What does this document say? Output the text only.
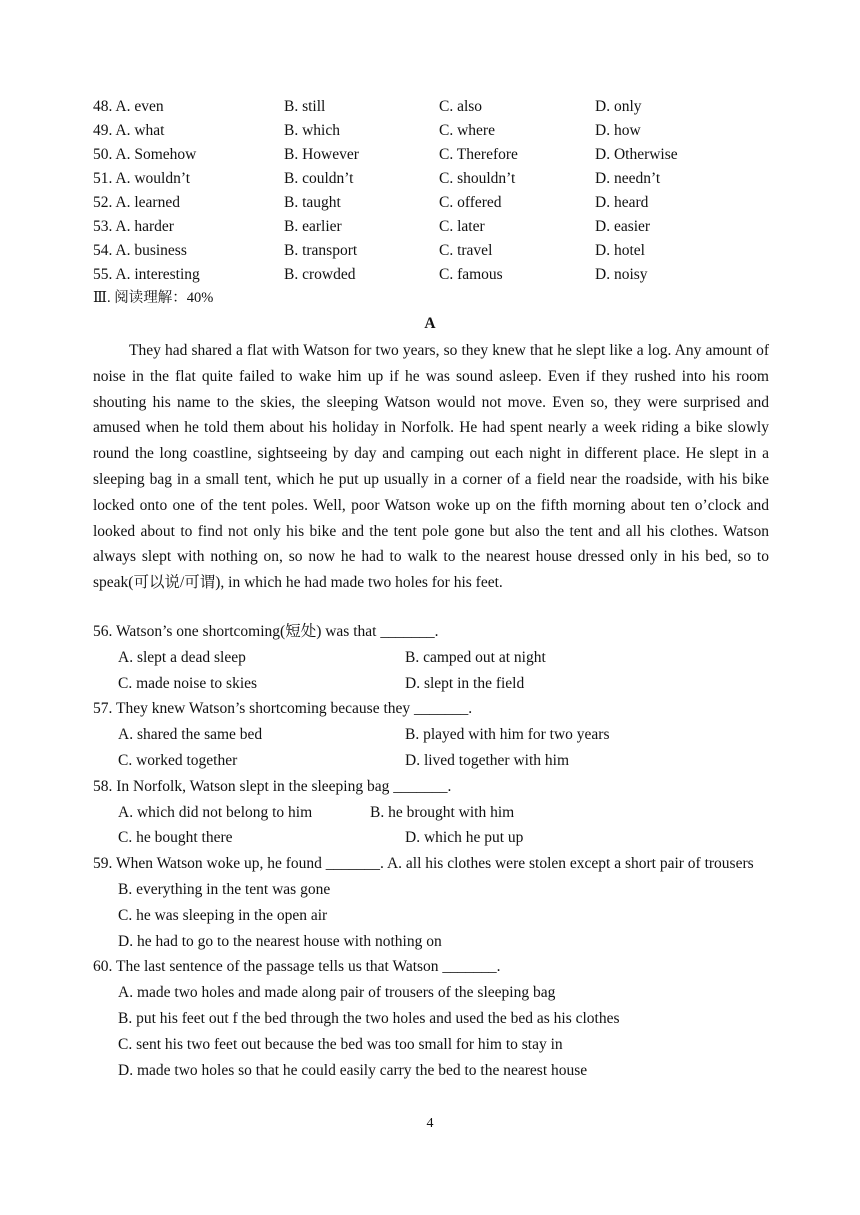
48. A. even	B. still	C. also	D. only
49. A. what	B. which	C. where	D. how
50. A. Somehow	B. However	C. Therefore	D. Otherwise
51. A. wouldn’t	B. couldn’t	C. shouldn’t	D. needn’t
52. A. learned	B. taught	C. offered	D. heard
53. A. harder	B. earlier	C. later	D. easier
54. A. business	B. transport	C. travel	D. hotel
55. A. interesting	B. crowded	C. famous	D. noisy
Ⅲ. 阅读理解：40%
A

They had shared a flat with Watson for two years, so they knew that he slept like a log. Any amount of noise in the flat quite failed to wake him up if he was sound asleep. Even if they rushed into his room shouting his name to the skies, the sleeping Watson would not move. Even so, they were surprised and amused when he told them about his holiday in Norfolk. He had spent nearly a week riding a bike slowly round the long coastline, sightseeing by day and camping out each night in different place. He slept in a sleeping bag in a small tent, which he put up usually in a corner of a field near the roadside, with his bike locked onto one of the tent poles. Well, poor Watson woke up on the fifth morning about ten o’clock and looked about to find not only his bike and the tent pole gone but also the tent and all his clothes. Watson always slept with nothing on, so now he had to walk to the nearest house dressed only in his bed, so to speak(可以说/可谓), in which he had made two holes for his feet.

56. Watson’s one shortcoming(短处) was that _______.
A. slept a dead sleep	B. camped out at night
C. made noise to skies	D. slept in the field
57. They knew Watson’s shortcoming because they _______.
A. shared the same bed	B. played with him for two years
C. worked together	D. lived together with him
58. In Norfolk, Watson slept in the sleeping bag _______.
A. which did not belong to him	B. he brought with him
C. he bought there	D. which he put up
59. When Watson woke up, he found _______. A. all his clothes were stolen except a short pair of trousers
B. everything in the tent was gone
C. he was sleeping in the open air
D. he had to go to the nearest house with nothing on
60. The last sentence of the passage tells us that Watson _______.
A. made two holes and made along pair of trousers of the sleeping bag
B. put his feet out f the bed through the two holes and used the bed as his clothes
C. sent his two feet out because the bed was too small for him to stay in
D. made two holes so that he could easily carry the bed to the nearest house
4
